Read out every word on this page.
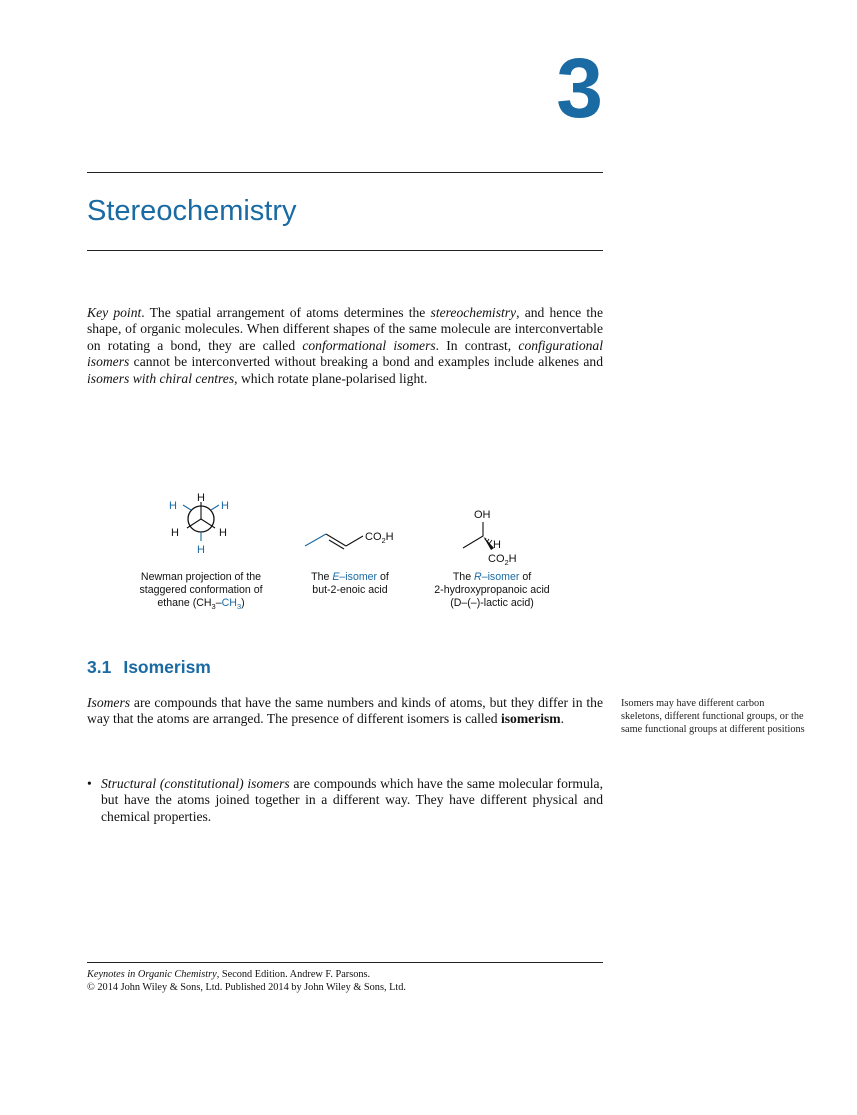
3
Stereochemistry
Key point. The spatial arrangement of atoms determines the stereochemistry, and hence the shape, of organic molecules. When different shapes of the same molecule are interconvertable on rotating a bond, they are called conformational isomers. In contrast, configurational isomers cannot be interconverted without breaking a bond and examples include alkenes and isomers with chiral centres, which rotate plane-polarised light.
H
H	H
H	H
H
$CO_2H$
OH
H
$CO_2H$
Newman projection of the
staggered conformation of
ethane $(CH_3-CH_3)$
The E–isomer of
but-2-enoic acid
The R–isomer of
2-hydroxypropanoic acid
(D–(–)-lactic acid)
3.1 Isomerism
Isomers are compounds that have the same numbers and kinds of atoms, but they differ in the way that the atoms are arranged. The presence of different isomers is called isomerism.
Isomers may have different carbon skeletons, different functional groups, or the same functional groups at different positions
• Structural (constitutional) isomers are compounds which have the same molecular formula, but have the atoms joined together in a different way. They have different physical and chemical properties.
Keynotes in Organic Chemistry, Second Edition. Andrew F. Parsons.
© 2014 John Wiley & Sons, Ltd. Published 2014 by John Wiley & Sons, Ltd.
